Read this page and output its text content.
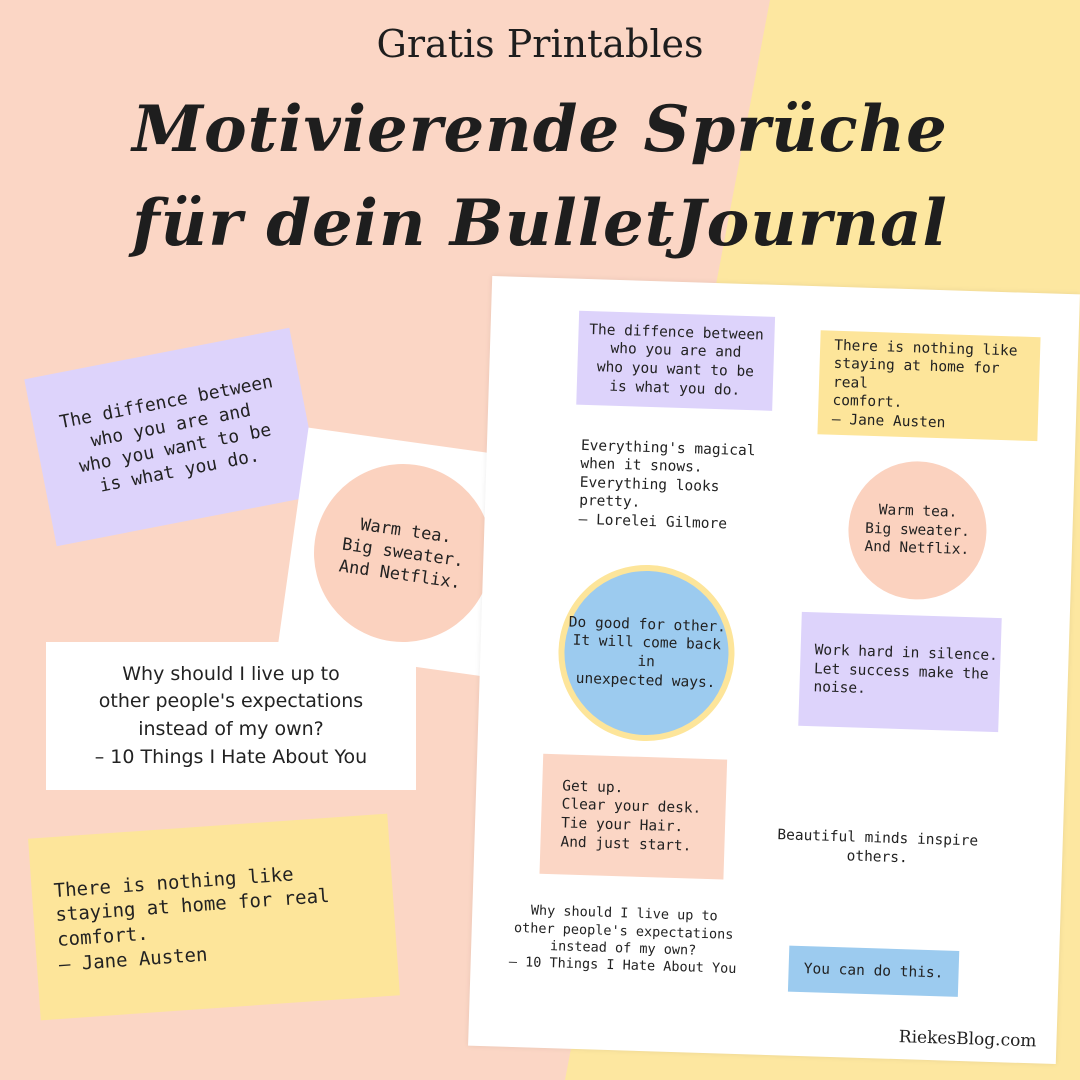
Gratis Printables
Motivierende Sprüche
für dein BulletJournal
The diffence between
who you are and
who you want to be
is what you do.
Warm tea.
Big sweater.
And Netflix.
Why should I live up to
other people's expectations
instead of my own?
– 10 Things I Hate About You
There is nothing like
staying at home for real
comfort.
– Jane Austen
The diffence between
who you are and
who you want to be
is what you do.
There is nothing like
staying at home for real
comfort.
– Jane Austen
Everything's magical
when it snows.
Everything looks
pretty.
– Lorelei Gilmore	Warm tea.
Big sweater.
And Netflix.
Do good for other.
It will come back in
unexpected ways.
Work hard in silence.
Let success make the
noise.
Get up.
Clear your desk.
Tie your Hair.
And just start.	Beautiful minds inspire
others.
Why should I live up to
other people's expectations
instead of my own?
– 10 Things I Hate About You	You can do this.
RiekesBlog.com
